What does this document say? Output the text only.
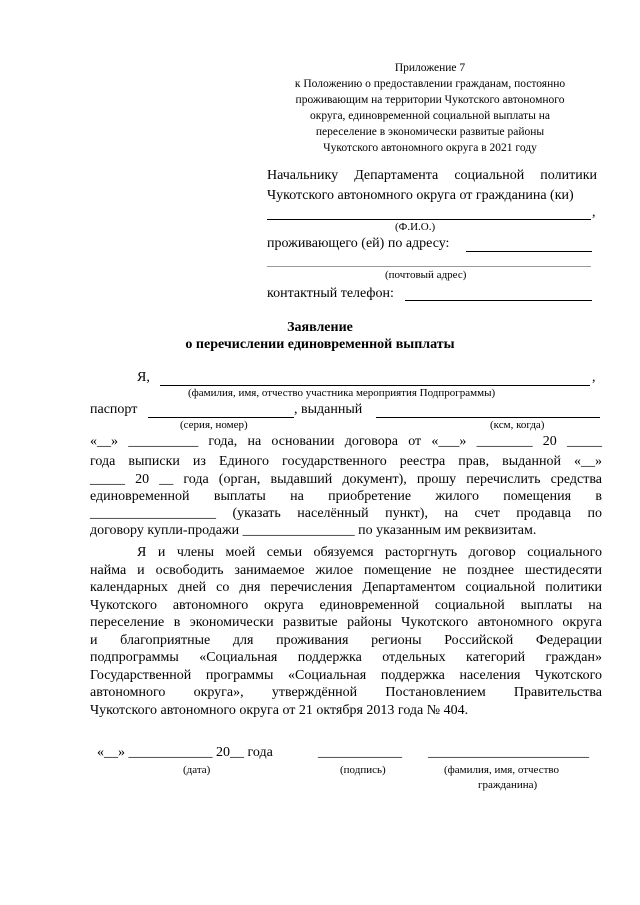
Приложение 7
к Положению о предоставлении гражданам, постоянно
проживающим на территории Чукотского автономного
округа, единовременной социальной выплаты на
переселение в экономически развитые районы
Чукотского автономного округа в 2021 году
Начальнику Департамента социальной политики
Чукотского автономного округа от гражданина (ки)
,
(Ф.И.О.)
проживающего (ей) по адресу:
(почтовый адрес)
контактный телефон:
Заявление
о перечислении единовременной выплаты
Я,	,
(фамилия, имя, отчество участника мероприятия Подпрограммы)
паспорт	, выданный
(серия, номер)	(ксм, когда)
«__» __________ года, на основании договора от «___» ________ 20 _____
года выписки из Единого государственного реестра прав, выданной «__»
_____ 20 __ года (орган, выдавший документ), прошу перечислить средства
единовременной выплаты на приобретение жилого помещения в
__________________ (указать населённый пункт), на счет продавца по
договору купли-продажи ________________ по указанным им реквизитам.
Я и члены моей семьи обязуемся расторгнуть договор социального
найма и освободить занимаемое жилое помещение не позднее шестидесяти
календарных дней со дня перечисления Департаментом социальной политики
Чукотского автономного округа единовременной социальной выплаты на
переселение в экономически развитые районы Чукотского автономного округа
и благоприятные для проживания регионы Российской Федерации
подпрограммы «Социальная поддержка отдельных категорий граждан»
Государственной программы «Социальная поддержка населения Чукотского
автономного округа», утверждённой Постановлением Правительства
Чукотского автономного округа от 21 октября 2013 года № 404.
«__» ____________ 20__ года
(дата)
____________
(подпись)
_______________________
(фамилия, имя, отчество
гражданина)
